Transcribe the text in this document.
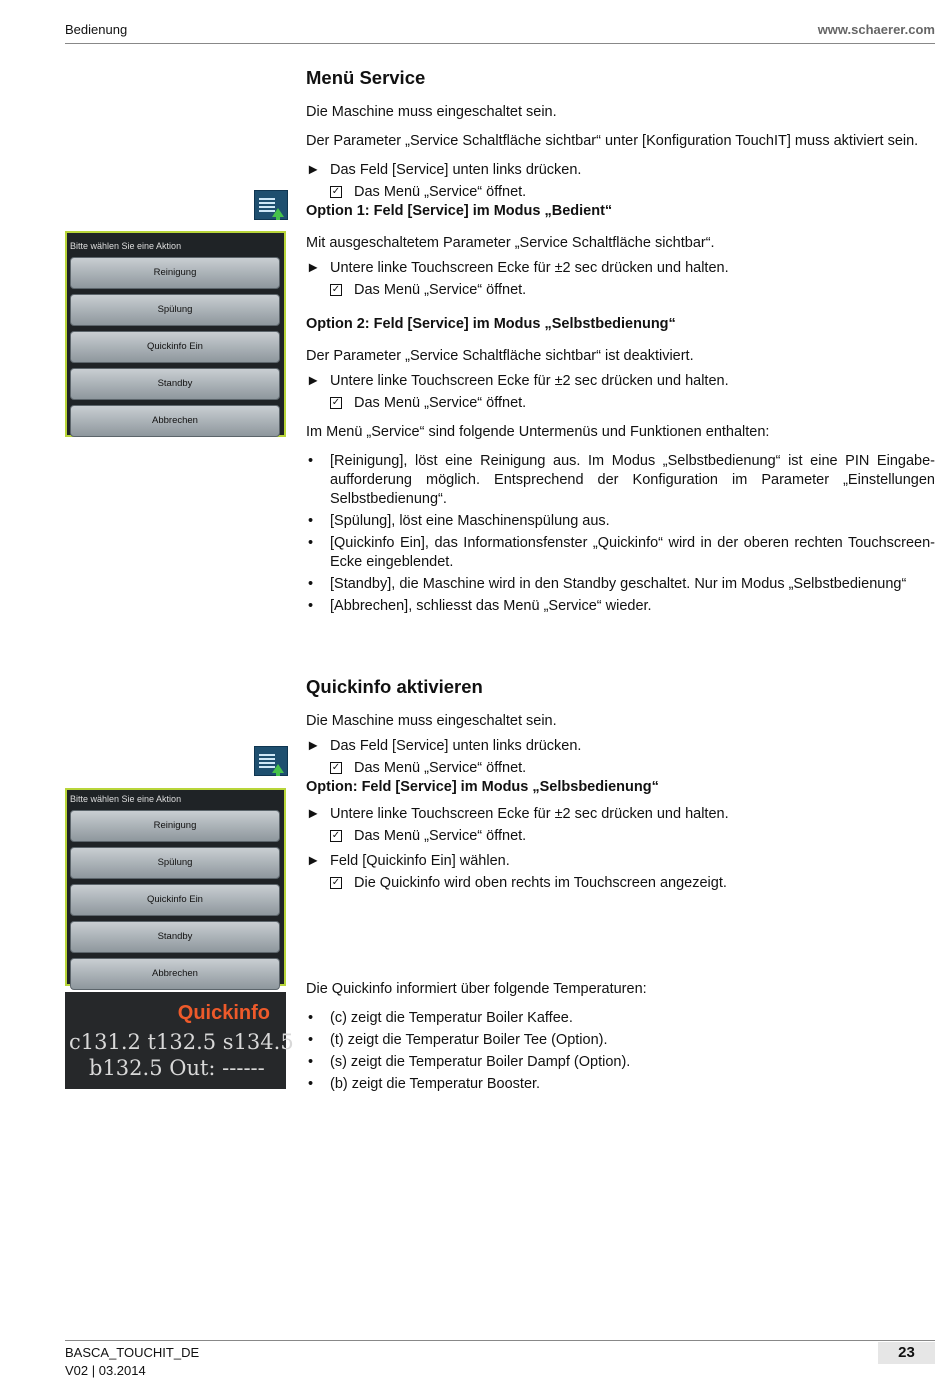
Bedienung	www.schaerer.com
Bitte wählen Sie eine Aktion
Reinigung
Spülung
Quickinfo Ein
Standby
Abbrechen
Menü Service

Die Maschine muss eingeschaltet sein.

Der Parameter „Service Schaltfläche sichtbar“ unter [Konfiguration TouchIT] muss aktiviert sein.

► Das Feld [Service] unten links drücken.
✓ Das Menü „Service“ öffnet.

Option 1: Feld [Service] im Modus „Bedient“

Mit ausgeschaltetem Parameter „Service Schaltfläche sichtbar“.

► Untere linke Touchscreen Ecke für ±2 sec drücken und halten.
✓ Das Menü „Service“ öffnet.

Option 2: Feld [Service] im Modus „Selbstbedienung“

Der Parameter „Service Schaltfläche sichtbar“ ist deaktiviert.

► Untere linke Touchscreen Ecke für ±2 sec drücken und halten.
✓ Das Menü „Service“ öffnet.

Im Menü „Service“ sind folgende Untermenüs und Funktionen enthalten:

• [Reinigung], löst eine Reinigung aus. Im Modus „Selbstbedienung“ ist eine PIN Eingabeaufforderung möglich. Entsprechend der Konfiguration im Parameter „Einstellungen Selbstbedienung“.
• [Spülung], löst eine Maschinenspülung aus.
• [Quickinfo Ein], das Informationsfenster „Quickinfo“ wird in der oberen rechten Touchscreen-Ecke eingeblendet.
• [Standby], die Maschine wird in den Standby geschaltet. Nur im Modus „Selbstbedienung“
• [Abbrechen], schliesst das Menü „Service“ wieder.
Bitte wählen Sie eine Aktion
Reinigung
Spülung
Quickinfo Ein
Standby
Abbrechen
Quickinfo
c131.2 t132.5 s134.5
b132.5 Out: ------
Quickinfo aktivieren

Die Maschine muss eingeschaltet sein.

► Das Feld [Service] unten links drücken.
✓ Das Menü „Service“ öffnet.

Option: Feld [Service] im Modus „Selbsbedienung“

► Untere linke Touchscreen Ecke für ±2 sec drücken und halten.
✓ Das Menü „Service“ öffnet.
► Feld [Quickinfo Ein] wählen.
✓ Die Quickinfo wird oben rechts im Touchscreen angezeigt.

Die Quickinfo informiert über folgende Temperaturen:

• (c) zeigt die Temperatur Boiler Kaffee.
• (t) zeigt die Temperatur Boiler Tee (Option).
• (s) zeigt die Temperatur Boiler Dampf (Option).
• (b) zeigt die Temperatur Booster.
BASCA_TOUCHIT_DE
V02 | 03.2014
23
